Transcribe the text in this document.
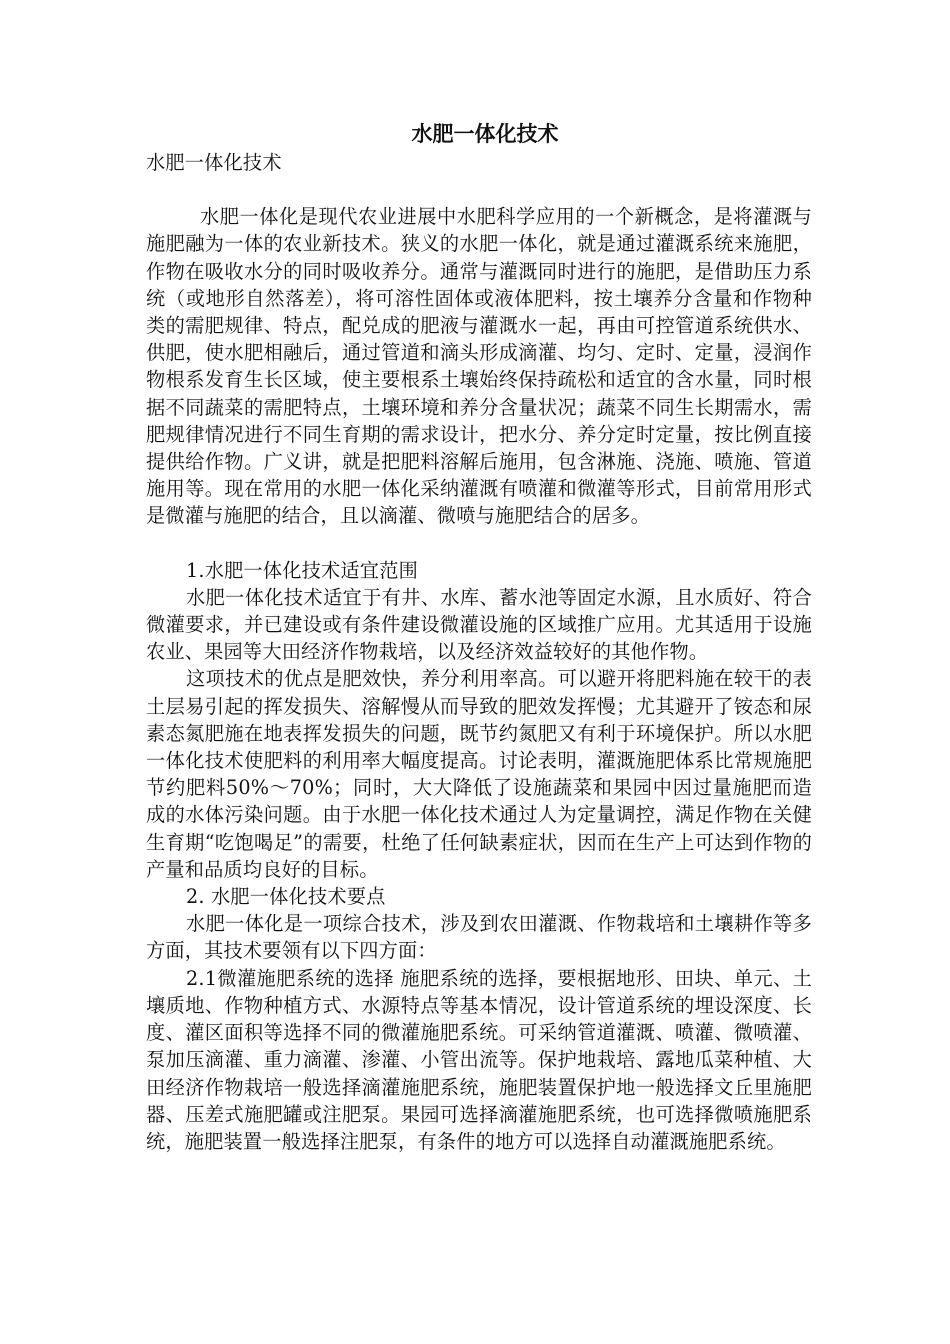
水肥一体化技术

水肥一体化技术

水肥一体化是现代农业进展中水肥科学应用的一个新概念，是将灌溉与施肥融为一体的农业新技术。狭义的水肥一体化，就是通过灌溉系统来施肥，作物在吸收水分的同时吸收养分。通常与灌溉同时进行的施肥，是借助压力系统（或地形自然落差），将可溶性固体或液体肥料，按土壤养分含量和作物种类的需肥规律、特点，配兑成的肥液与灌溉水一起，再由可控管道系统供水、供肥，使水肥相融后，通过管道和滴头形成滴灌、均匀、定时、定量，浸润作物根系发育生长区域，使主要根系土壤始终保持疏松和适宜的含水量，同时根据不同蔬菜的需肥特点，土壤环境和养分含量状况；蔬菜不同生长期需水，需肥规律情况进行不同生育期的需求设计，把水分、养分定时定量，按比例直接提供给作物。广义讲，就是把肥料溶解后施用，包含淋施、浇施、喷施、管道施用等。现在常用的水肥一体化采纳灌溉有喷灌和微灌等形式，目前常用形式是微灌与施肥的结合，且以滴灌、微喷与施肥结合的居多。

1.水肥一体化技术适宜范围

水肥一体化技术适宜于有井、水库、蓄水池等固定水源，且水质好、符合微灌要求，并已建设或有条件建设微灌设施的区域推广应用。尤其适用于设施农业、果园等大田经济作物栽培，以及经济效益较好的其他作物。

这项技术的优点是肥效快，养分利用率高。可以避开将肥料施在较干的表土层易引起的挥发损失、溶解慢从而导致的肥效发挥慢；尤其避开了铵态和尿素态氮肥施在地表挥发损失的问题，既节约氮肥又有利于环境保护。所以水肥一体化技术使肥料的利用率大幅度提高。讨论表明，灌溉施肥体系比常规施肥节约肥料50%～70%；同时，大大降低了设施蔬菜和果园中因过量施肥而造成的水体污染问题。由于水肥一体化技术通过人为定量调控，满足作物在关健生育期“吃饱喝足”的需要，杜绝了任何缺素症状，因而在生产上可达到作物的产量和品质均良好的目标。

2. 水肥一体化技术要点

水肥一体化是一项综合技术，涉及到农田灌溉、作物栽培和土壤耕作等多方面，其技术要领有以下四方面：

2.1微灌施肥系统的选择 施肥系统的选择，要根据地形、田块、单元、土壤质地、作物种植方式、水源特点等基本情况，设计管道系统的埋设深度、长度、灌区面积等选择不同的微灌施肥系统。可采纳管道灌溉、喷灌、微喷灌、泵加压滴灌、重力滴灌、渗灌、小管出流等。保护地栽培、露地瓜菜种植、大田经济作物栽培一般选择滴灌施肥系统，施肥装置保护地一般选择文丘里施肥器、压差式施肥罐或注肥泵。果园可选择滴灌施肥系统，也可选择微喷施肥系统，施肥装置一般选择注肥泵，有条件的地方可以选择自动灌溉施肥系统。
